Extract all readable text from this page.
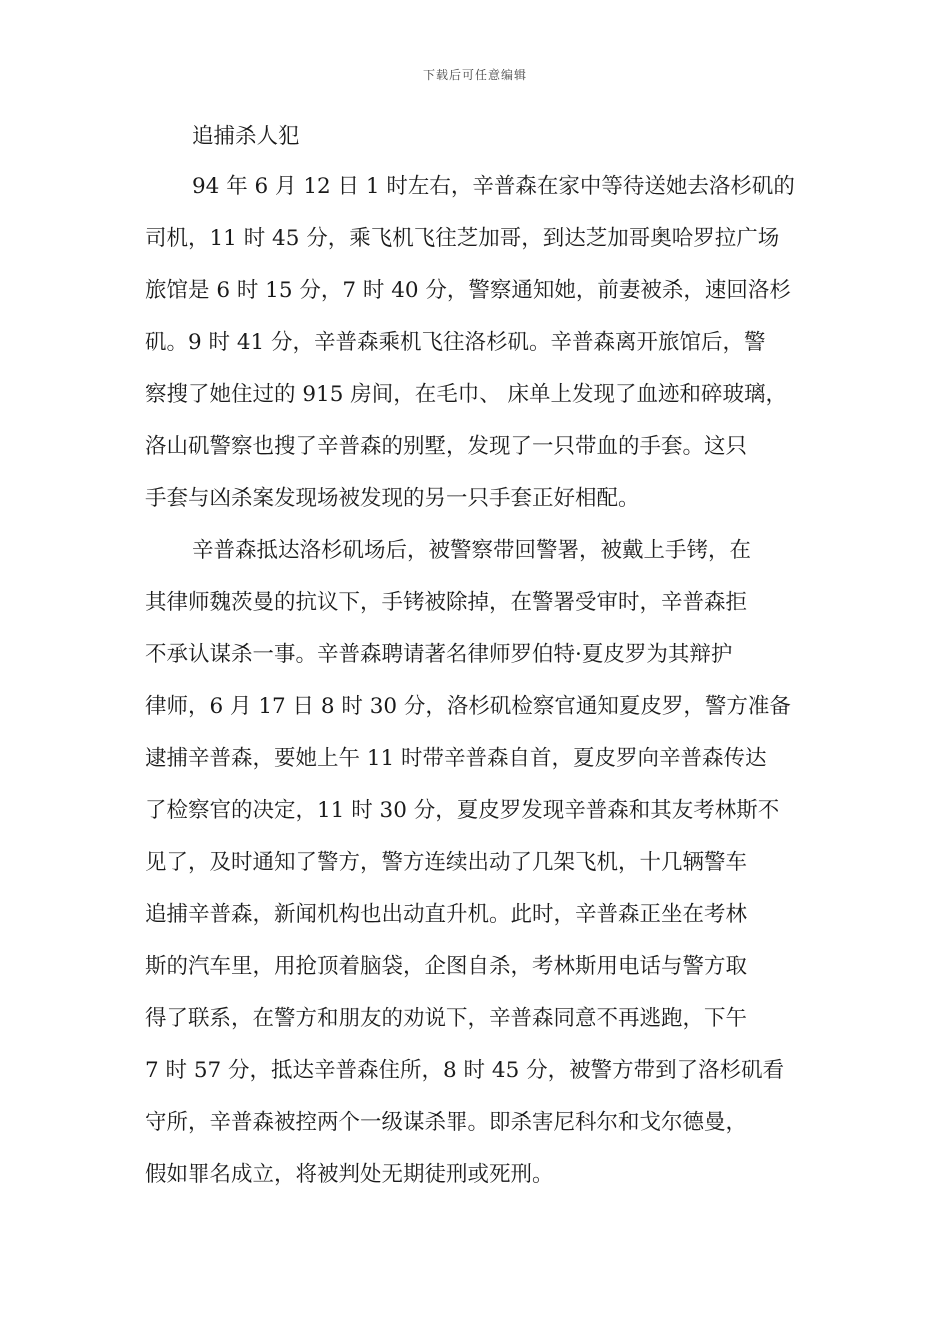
下载后可任意编辑
追捕杀人犯
94 年 6 月 12 日 1 时左右，辛普森在家中等待送她去洛杉矶的
司机，11 时 45 分，乘飞机飞往芝加哥，到达芝加哥奥哈罗拉广场
旅馆是 6 时 15 分，7 时 40 分，警察通知她，前妻被杀，速回洛杉
矶。9 时 41 分，辛普森乘机飞往洛杉矶。辛普森离开旅馆后，警
察搜了她住过的 915 房间，在毛巾、 床单上发现了血迹和碎玻璃，
洛山矶警察也搜了辛普森的别墅，发现了一只带血的手套。这只
手套与凶杀案发现场被发现的另一只手套正好相配。
辛普森抵达洛杉矶场后，被警察带回警署，被戴上手铐，在
其律师魏茨曼的抗议下，手铐被除掉，在警署受审时，辛普森拒
不承认谋杀一事。辛普森聘请著名律师罗伯特·夏皮罗为其辩护
律师，6 月 17 日 8 时 30 分，洛杉矶检察官通知夏皮罗，警方准备
逮捕辛普森，要她上午 11 时带辛普森自首，夏皮罗向辛普森传达
了检察官的决定，11 时 30 分，夏皮罗发现辛普森和其友考林斯不
见了，及时通知了警方，警方连续出动了几架飞机，十几辆警车
追捕辛普森，新闻机构也出动直升机。此时，辛普森正坐在考林
斯的汽车里，用抢顶着脑袋，企图自杀，考林斯用电话与警方取
得了联系，在警方和朋友的劝说下，辛普森同意不再逃跑，下午
7 时 57 分，抵达辛普森住所，8 时 45 分，被警方带到了洛杉矶看
守所，辛普森被控两个一级谋杀罪。即杀害尼科尔和戈尔德曼，
假如罪名成立，将被判处无期徒刑或死刑。
